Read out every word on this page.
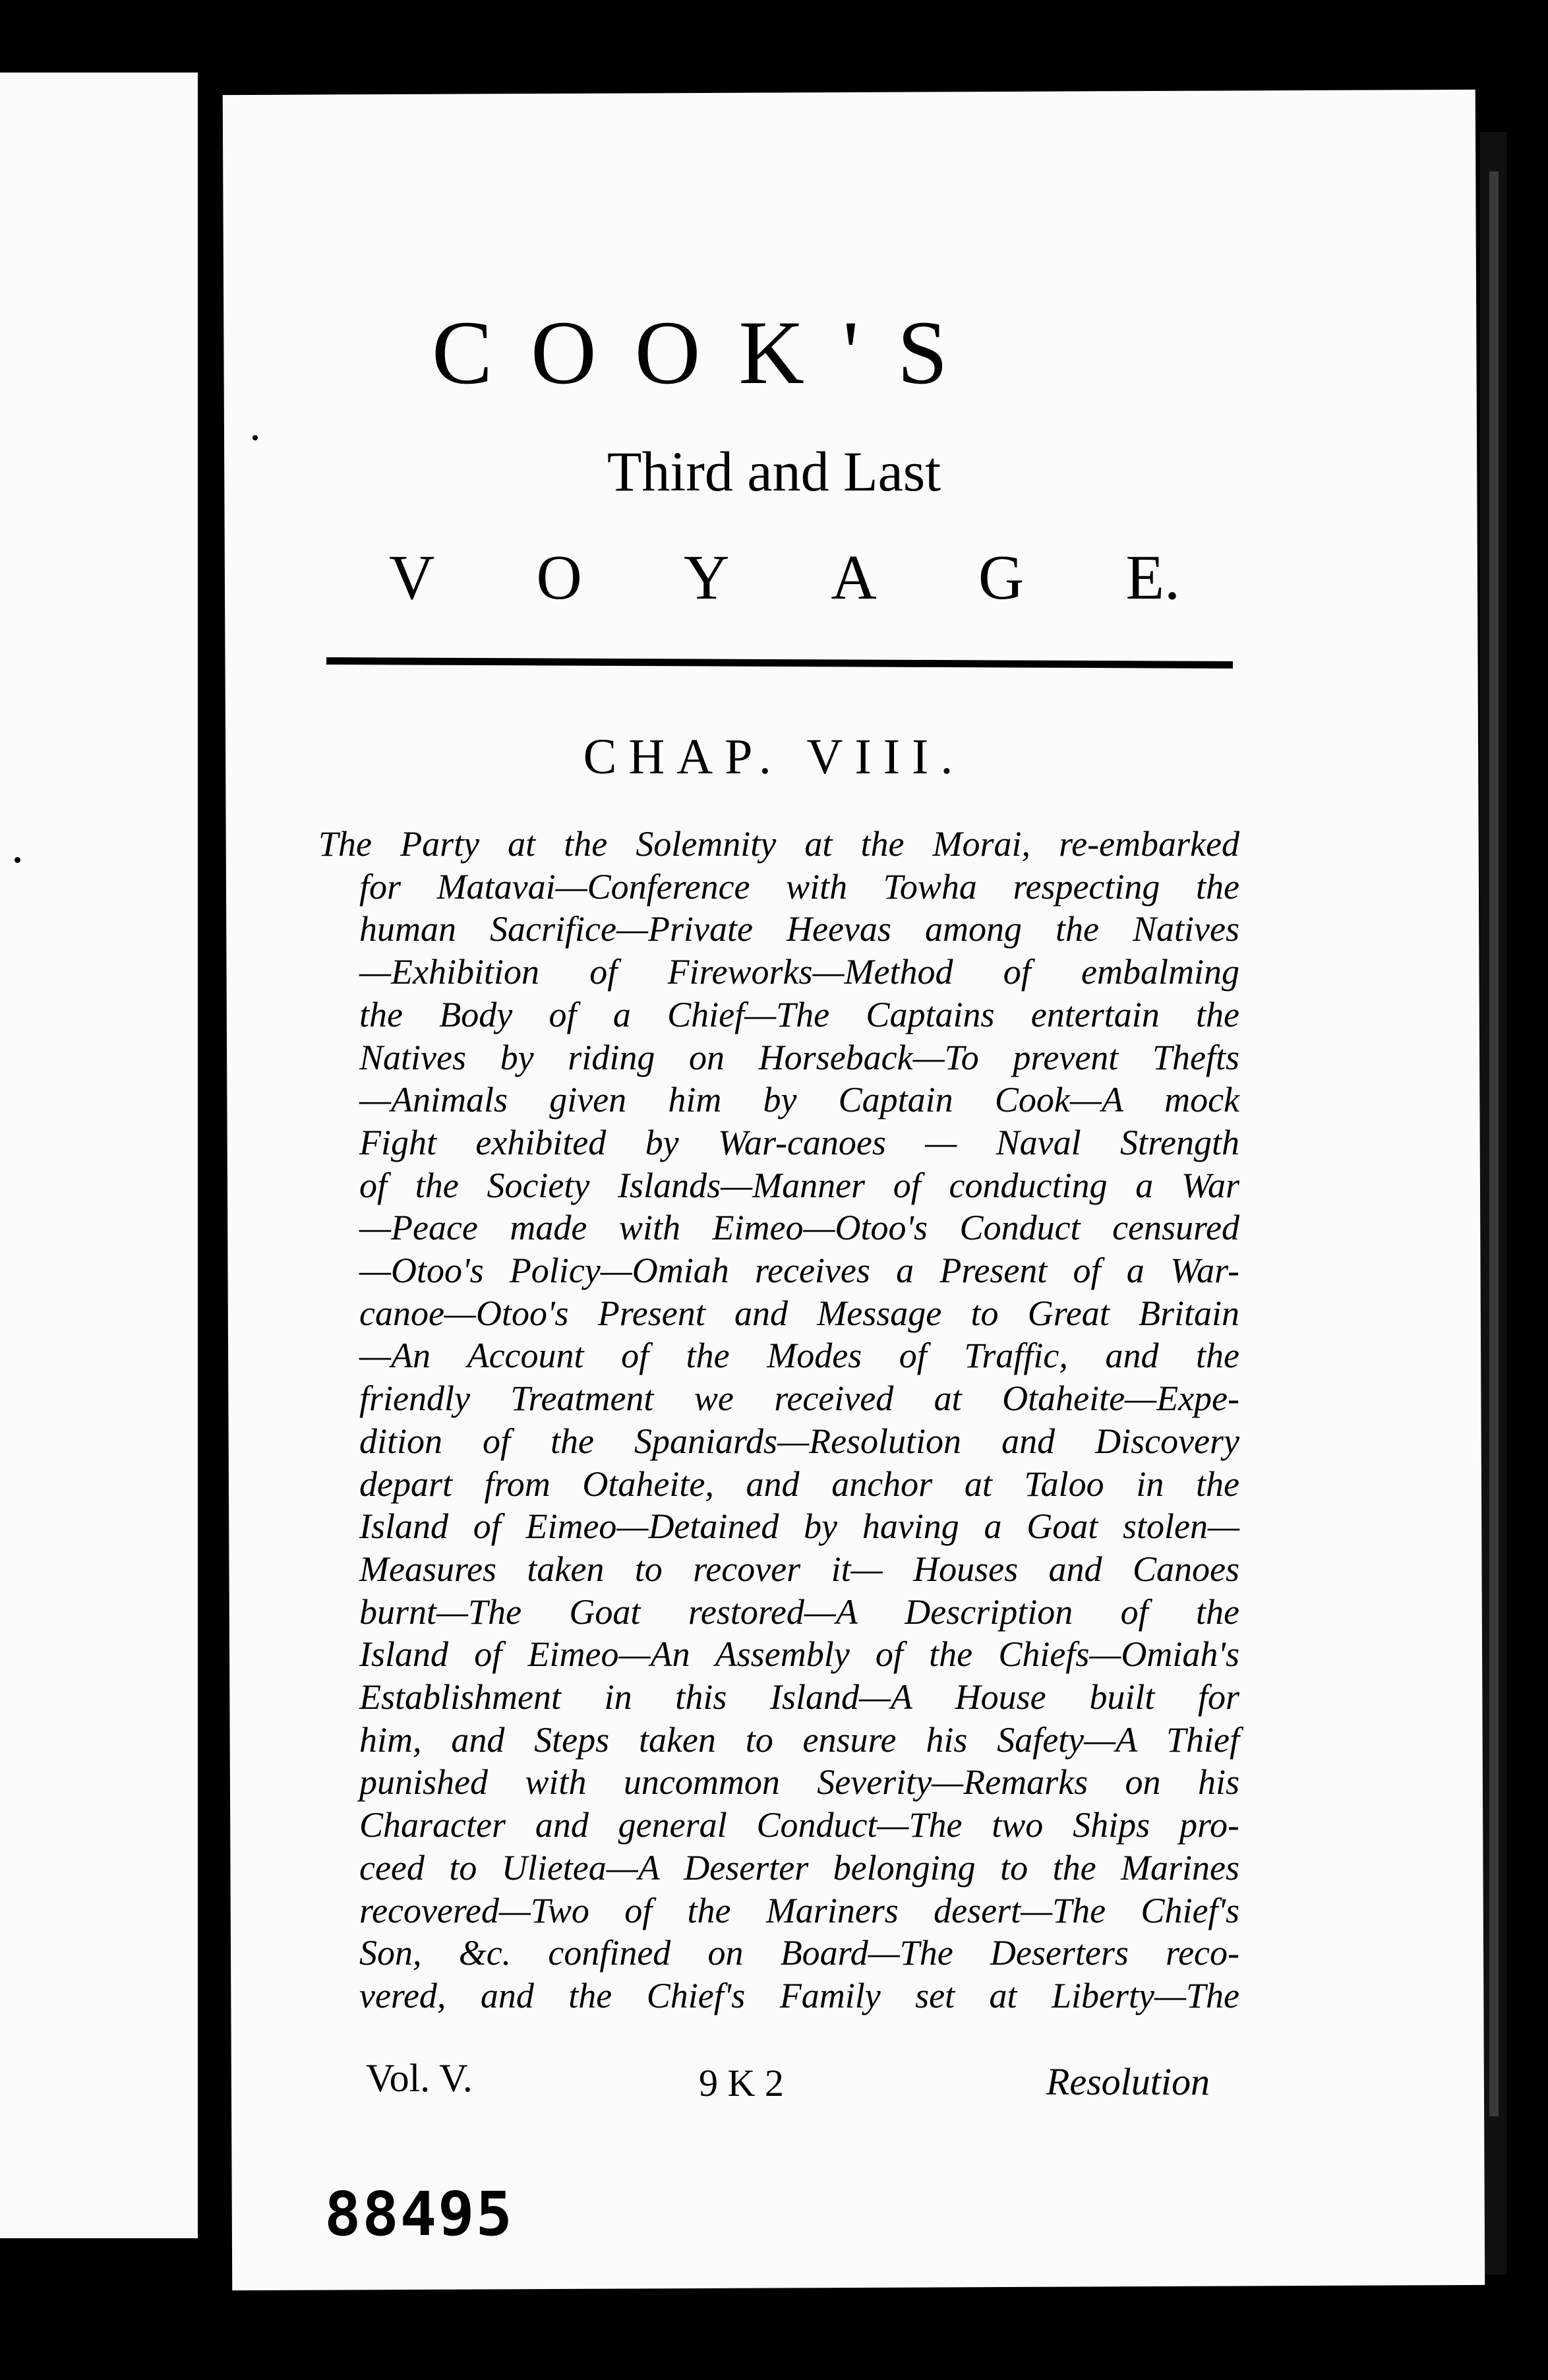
COOK'S
Third and Last
V O Y A G E.
CHAP. VIII.
The Party at the Solemnity at the Morai, re-embarked
for Matavai—Conference with Towha respecting the
human Sacrifice—Private Heevas among the Natives
—Exhibition of Fireworks—Method of embalming
the Body of a Chief—The Captains entertain the
Natives by riding on Horseback—To prevent Thefts
—Animals given him by Captain Cook—A mock
Fight exhibited by War-canoes — Naval Strength
of the Society Islands—Manner of conducting a War
—Peace made with Eimeo—Otoo's Conduct censured
—Otoo's Policy—Omiah receives a Present of a War-
canoe—Otoo's Present and Message to Great Britain
—An Account of the Modes of Traffic, and the
friendly Treatment we received at Otaheite—Expe-
dition of the Spaniards—Resolution and Discovery
depart from Otaheite, and anchor at Taloo in the
Island of Eimeo—Detained by having a Goat stolen—
Measures taken to recover it— Houses and Canoes
burnt—The Goat restored—A Description of the
Island of Eimeo—An Assembly of the Chiefs—Omiah's
Establishment in this Island—A House built for
him, and Steps taken to ensure his Safety—A Thief
punished with uncommon Severity—Remarks on his
Character and general Conduct—The two Ships pro-
ceed to Ulietea—A Deserter belonging to the Marines
recovered—Two of the Mariners desert—The Chief's
Son, &c. confined on Board—The Deserters reco-
vered, and the Chief's Family set at Liberty—The
Vol. V.	9 K 2	Resolution
88495
